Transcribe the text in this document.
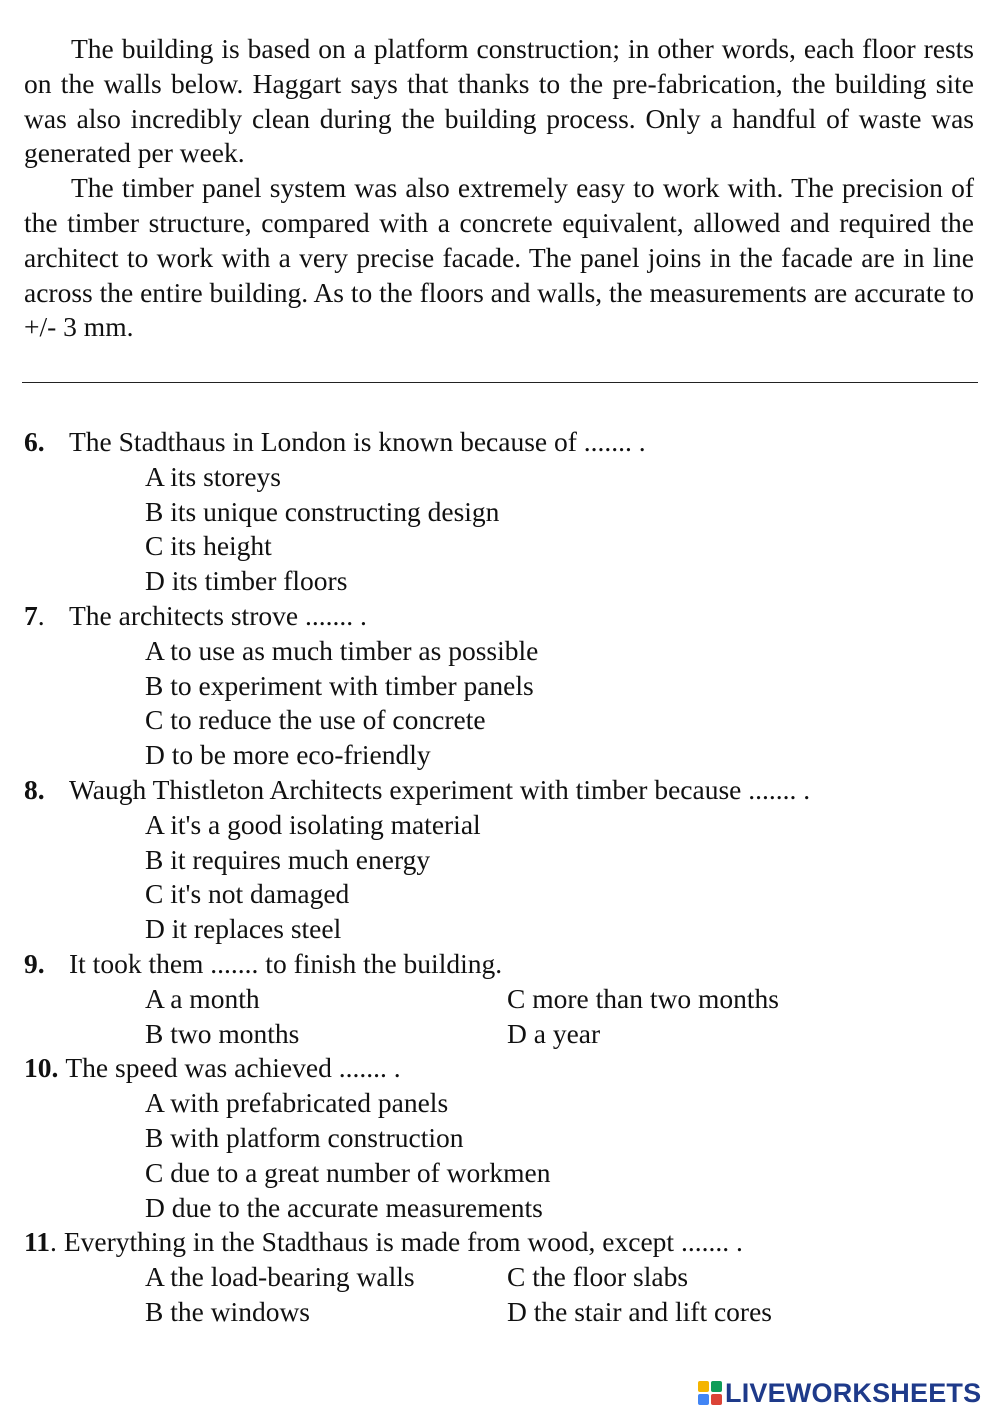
The building is based on a platform construction; in other words, each floor rests on the walls below. Haggart says that thanks to the pre-fabrication, the building site was also incredibly clean during the building process. Only a handful of waste was generated per week.

The timber panel system was also extremely easy to work with. The precision of the timber structure, compared with a concrete equivalent, allowed and required the architect to work with a very precise facade. The panel joins in the facade are in line across the entire building. As to the floors and walls, the measurements are accurate to +/- 3 mm.

6. The Stadthaus in London is known because of ....... .
A its storeys
B its unique constructing design
C its height
D its timber floors
7. The architects strove ....... .
A to use as much timber as possible
B to experiment with timber panels
C to reduce the use of concrete
D to be more eco-friendly
8. Waugh Thistleton Architects experiment with timber because ....... .
A it's a good isolating material
B it requires much energy
C it's not damaged
D it replaces steel
9. It took them ....... to finish the building.
A a month	C more than two months
B two months	D a year
10. The speed was achieved ....... .
A with prefabricated panels
B with platform construction
C due to a great number of workmen
D due to the accurate measurements
11. Everything in the Stadthaus is made from wood, except ....... .
A the load-bearing walls	C the floor slabs
B the windows	D the stair and lift cores
LIVEWORKSHEETS
